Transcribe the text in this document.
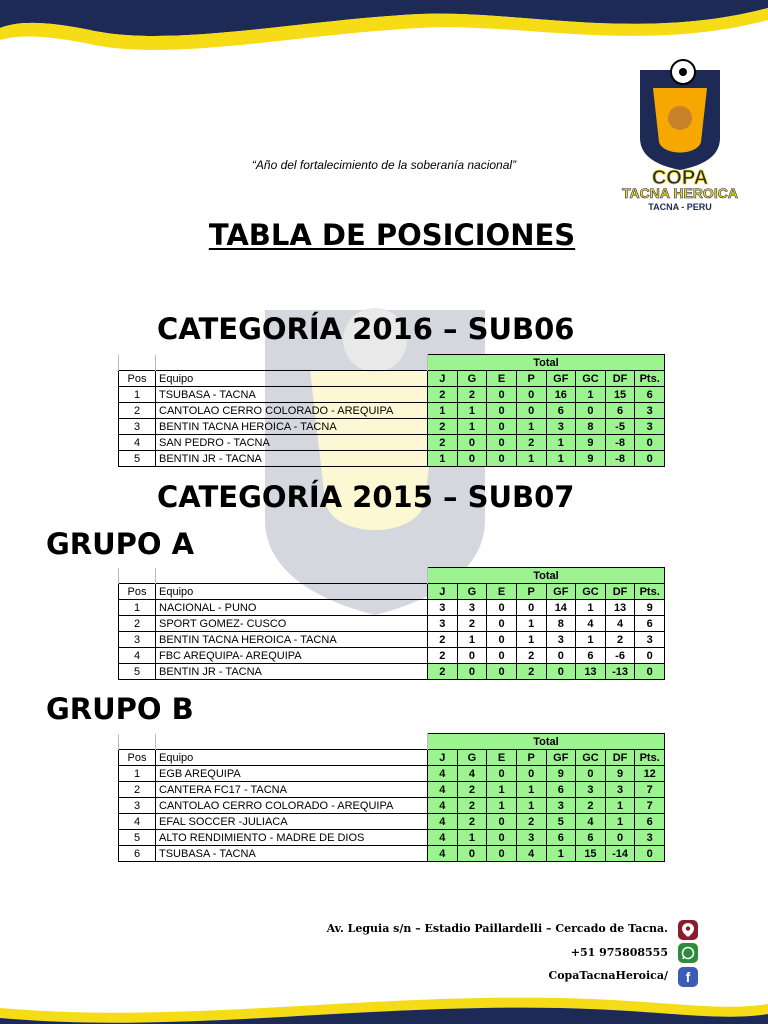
COPA
TACNA HEROICA
TACNA - PERU
“Año del fortalecimiento de la soberanía nacional”
TABLA DE POSICIONES
CATEGORÍA 2016 – SUB06
		Total							
Pos	Equipo	J	G	E	P	GF	GC	DF	Pts.
1	TSUBASA - TACNA	2	2	0	0	16	1	15	6
2	CANTOLAO CERRO COLORADO - AREQUIPA	1	1	0	0	6	0	6	3
3	BENTIN TACNA HEROICA - TACNA	2	1	0	1	3	8	-5	3
4	SAN PEDRO - TACNA	2	0	0	2	1	9	-8	0
5	BENTIN JR - TACNA	1	0	0	1	1	9	-8	0
CATEGORÍA 2015 – SUB07
GRUPO A
		Total							
Pos	Equipo	J	G	E	P	GF	GC	DF	Pts.
1	NACIONAL - PUNO	3	3	0	0	14	1	13	9
2	SPORT GOMEZ- CUSCO	3	2	0	1	8	4	4	6
3	BENTIN TACNA HEROICA - TACNA	2	1	0	1	3	1	2	3
4	FBC AREQUIPA- AREQUIPA	2	0	0	2	0	6	-6	0
5	BENTIN JR - TACNA	2	0	0	2	0	13	-13	0
GRUPO B
		Total							
Pos	Equipo	J	G	E	P	GF	GC	DF	Pts.
1	EGB AREQUIPA	4	4	0	0	9	0	9	12
2	CANTERA FC17 - TACNA	4	2	1	1	6	3	3	7
3	CANTOLAO CERRO COLORADO - AREQUIPA	4	2	1	1	3	2	1	7
4	EFAL SOCCER -JULIACA	4	2	0	2	5	4	1	6
5	ALTO RENDIMIENTO - MADRE DE DIOS	4	1	0	3	6	6	0	3
6	TSUBASA - TACNA	4	0	0	4	1	15	-14	0
Av. Leguia s/n – Estadio Paillardelli – Cercado de Tacna.
+51 975808555
CopaTacnaHeroica/ f
